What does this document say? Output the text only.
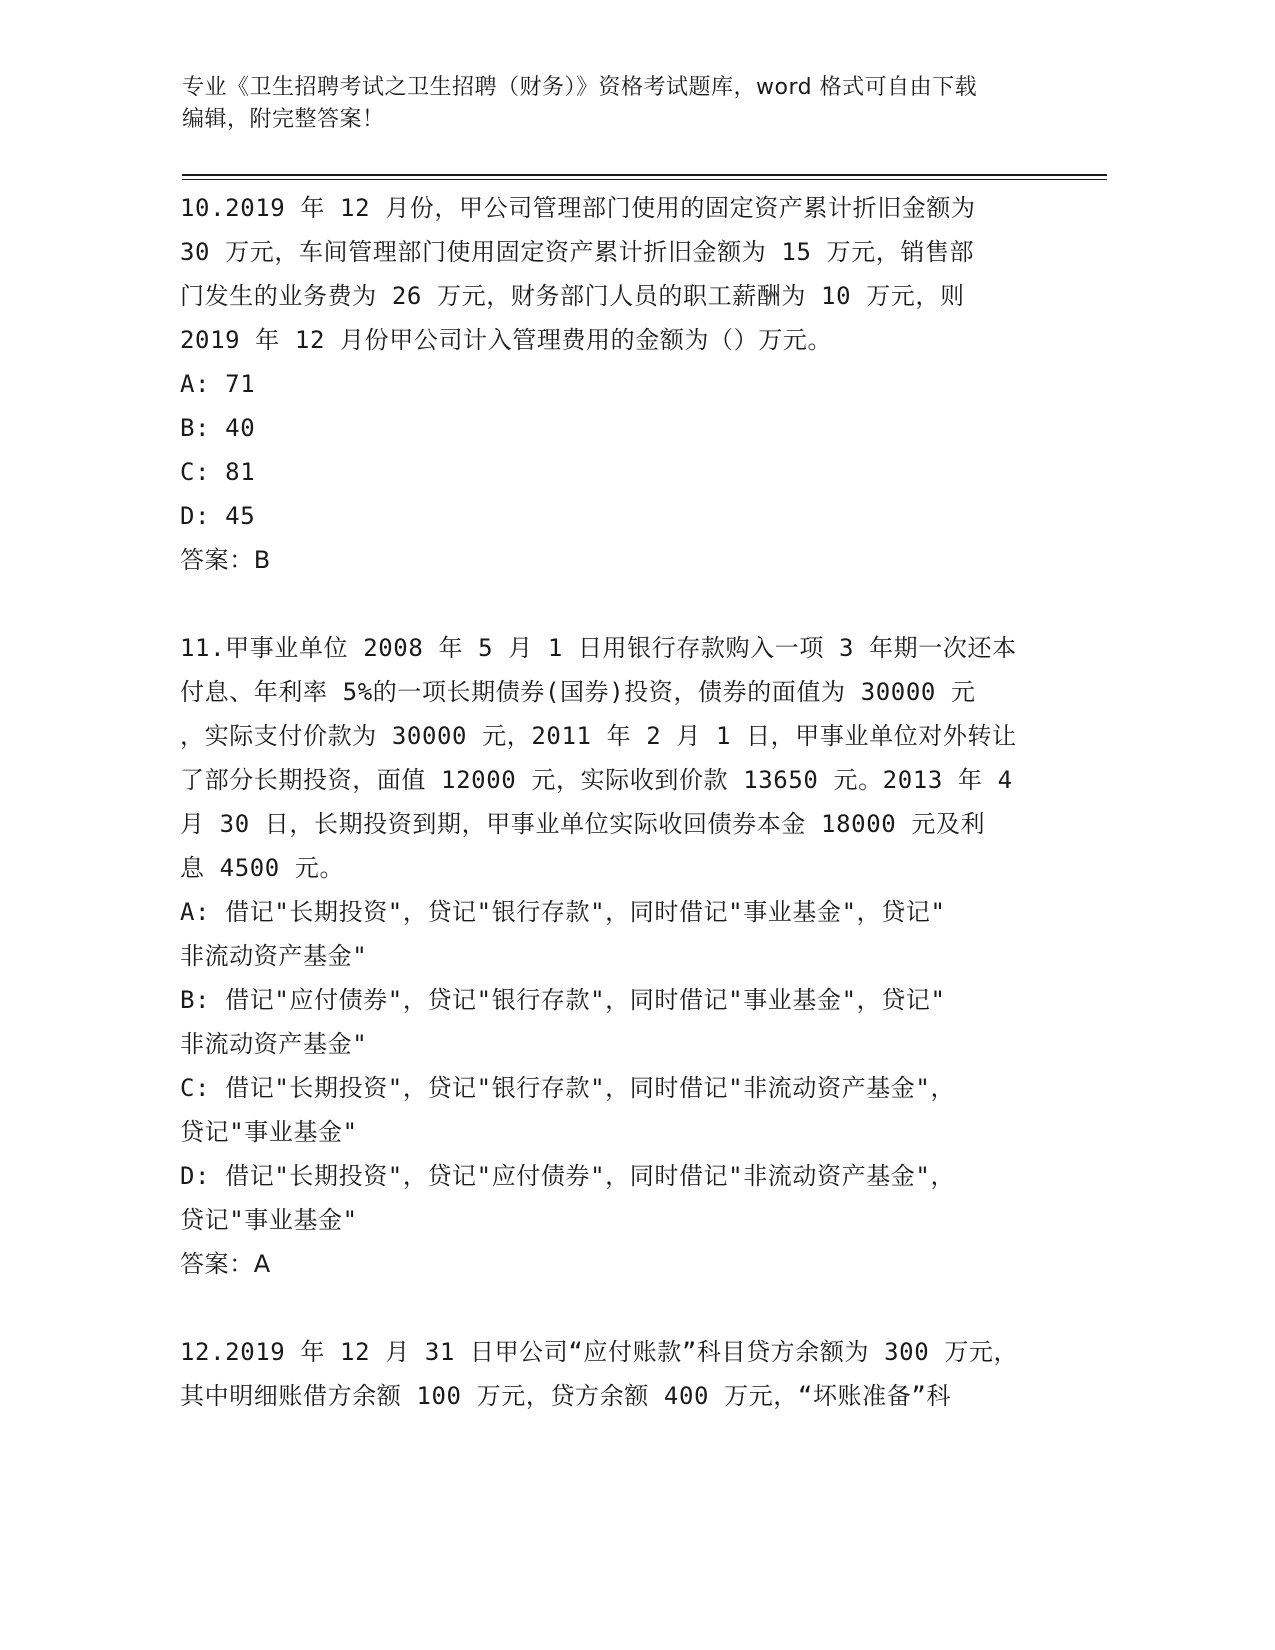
专业《卫生招聘考试之卫生招聘（财务）》资格考试题库，word 格式可自由下载
编辑，附完整答案！
10.2019 年 12 月份，甲公司管理部门使用的固定资产累计折旧金额为
30 万元，车间管理部门使用固定资产累计折旧金额为 15 万元，销售部
门发生的业务费为 26 万元，财务部门人员的职工薪酬为 10 万元，则
2019 年 12 月份甲公司计入管理费用的金额为（）万元。
A: 71
B: 40
C: 81
D: 45
答案：B
11.甲事业单位 2008 年 5 月 1 日用银行存款购入一项 3 年期一次还本
付息、年利率 5%的一项长期债券(国券)投资，债券的面值为 30000 元
，实际支付价款为 30000 元，2011 年 2 月 1 日，甲事业单位对外转让
了部分长期投资，面值 12000 元，实际收到价款 13650 元。2013 年 4
月 30 日，长期投资到期，甲事业单位实际收回债券本金 18000 元及利
息 4500 元。
A: 借记"长期投资"，贷记"银行存款"，同时借记"事业基金"，贷记"
非流动资产基金"
B: 借记"应付债券"，贷记"银行存款"，同时借记"事业基金"，贷记"
非流动资产基金"
C: 借记"长期投资"，贷记"银行存款"，同时借记"非流动资产基金"，
贷记"事业基金"
D: 借记"长期投资"，贷记"应付债券"，同时借记"非流动资产基金"，
贷记"事业基金"
答案：A
12.2019 年 12 月 31 日甲公司“应付账款”科目贷方余额为 300 万元，
其中明细账借方余额 100 万元，贷方余额 400 万元，“坏账准备”科
